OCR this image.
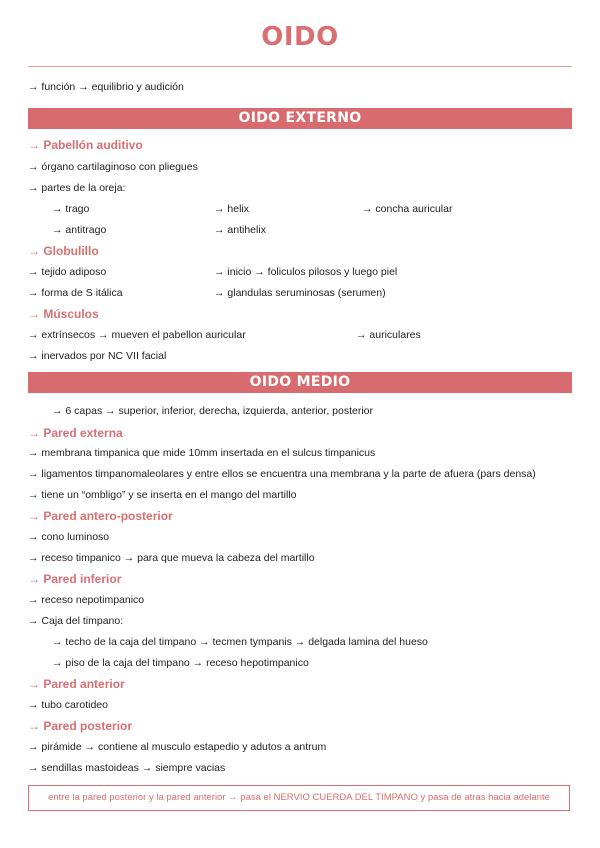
OIDO
→ función → equilibrio y audición
OIDO EXTERNO
→ Pabellón auditivo
→ órgano cartilaginoso con pliegues
→ partes de la oreja:
→ trago	→ helix	→ concha auricular
→ antitrago	→ antihelix
→ Globulillo
→ tejido adiposo	→ inicio → foliculos pilosos y luego piel
→ forma de S itálica	→ glandulas seruminosas (serumen)
→ Músculos
→ extrínsecos → mueven el pabellon auricular	→ auriculares
→ inervados por NC VII facial
OIDO MEDIO
→ 6 capas → superior, inferior, derecha, izquierda, anterior, posterior
→ Pared externa
→ membrana timpanica que mide 10mm insertada en el sulcus timpanicus
→ ligamentos timpanomaleolares y entre ellos se encuentra una membrana y la parte de afuera (pars densa)
→ tiene un “ombligo” y se inserta en el mango del martillo
→ Pared antero-posterior
→ cono luminoso
→ receso timpanico → para que mueva la cabeza del martillo
→ Pared inferior
→ receso nepotimpanico
→ Caja del timpano:
→ techo de la caja del timpano → tecmen tympanis → delgada lamina del hueso
→ piso de la caja del timpano → receso hepotimpanico
→ Pared anterior
→ tubo carotideo
→ Pared posterior
→ pirámide → contiene al musculo estapedio y adutos a antrum
→ sendillas mastoideas → siempre vacias
entre la pared posterior y la pared anterior → pasa el NERVIO CUERDA DEL TIMPANO y pasa de atras hacia adelante
